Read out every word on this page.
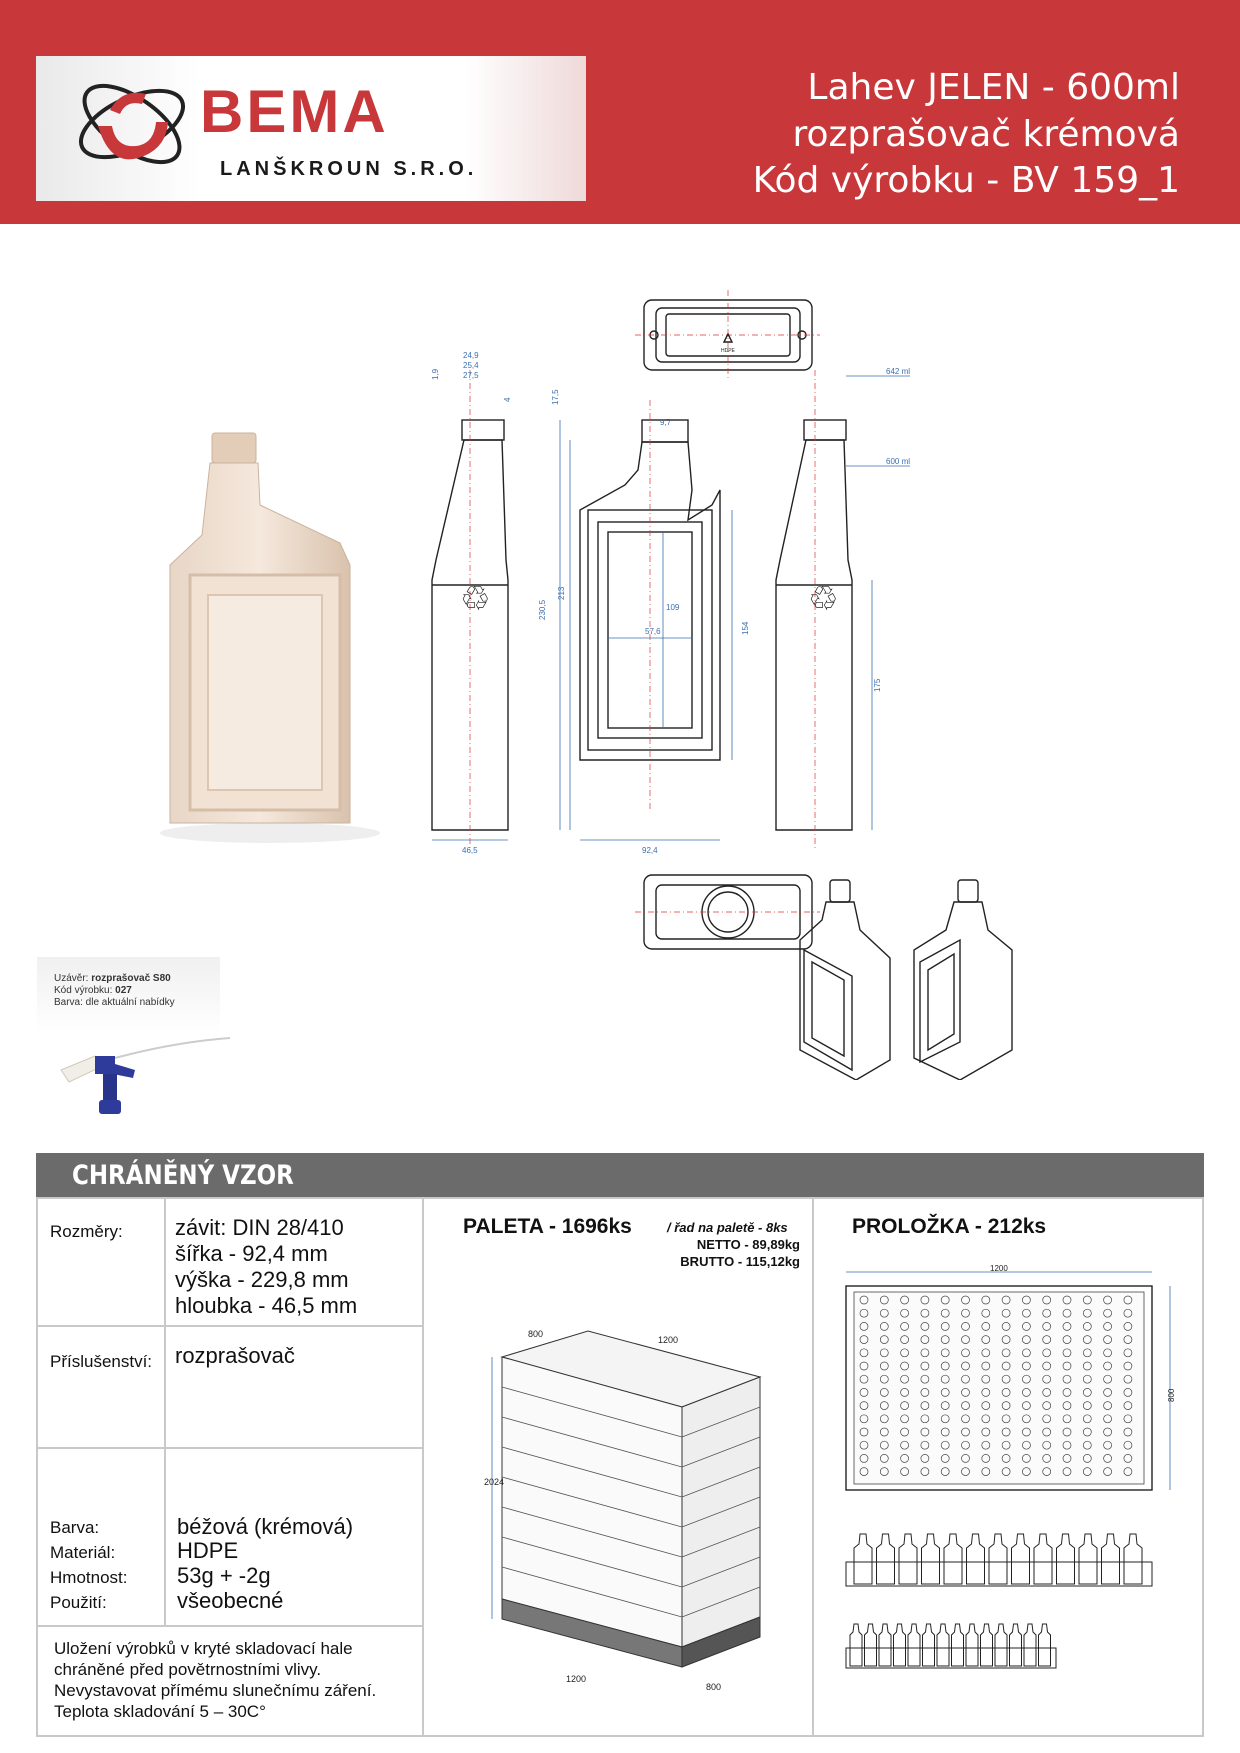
BEMA
LANŠKROUN S.R.O.
Lahev JELEN - 600ml
rozprašovač krémová
Kód výrobku - BV 159_1
HDPE
♲
57,6
109
9,7
♲
46,5	92,4
230,5
213
17,5
154
175
642 ml
600 ml
24,9
25,4
27,5
1,9
4
Uzávěr: rozprašovač S80
Kód výrobku: 027
Barva: dle aktuální nabídky
CHRÁNĚNÝ VZOR
Rozměry: závit: DIN 28/410
šířka - 92,4 mm
výška - 229,8 mm
hloubka - 46,5 mm
Příslušenství: rozprašovač
Barva:
Materiál:
Hmotnost:
Použití:
béžová (krémová)
HDPE
53g + -2g
všeobecné
Uložení výrobků v kryté skladovací hale
chráněné před povětrnostními vlivy.
Nevystavovat přímému slunečnímu záření.
Teplota skladování 5 – 30C°
PALETA - 1696ks	/ řad na paletě - 8ks
NETTO - 89,89kg
BRUTTO - 115,12kg
2024
800
1200
1200
800
PROLOŽKA - 212ks
1200
800
